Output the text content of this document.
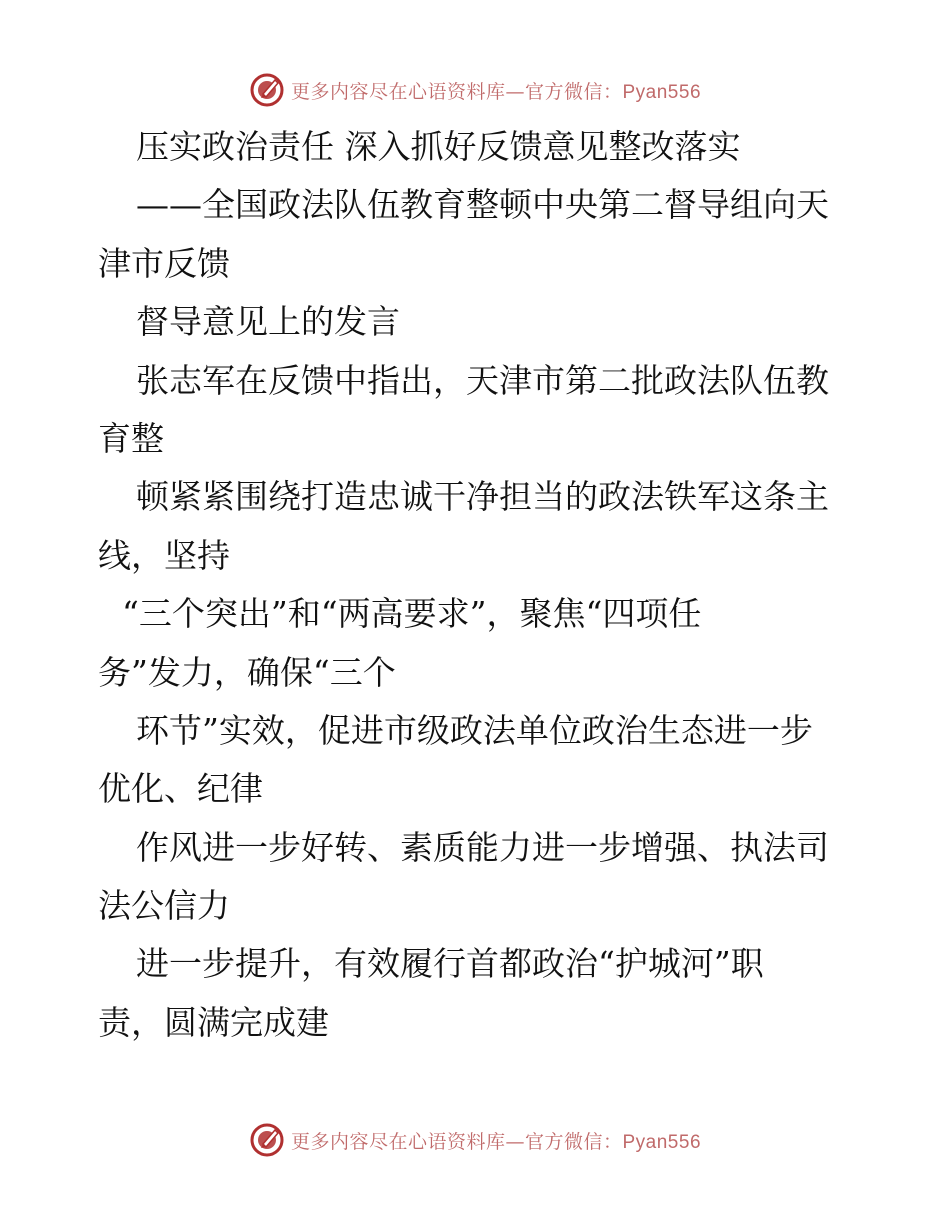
更多内容尽在心语资料库—官方微信：Pyan556
压实政治责任 深入抓好反馈意见整改落实
——全国政法队伍教育整顿中央第二督导组向天
津市反馈
督导意见上的发言
张志军在反馈中指出，天津市第二批政法队伍教
育整
顿紧紧围绕打造忠诚干净担当的政法铁军这条主
线，坚持
“三个突出”和“两高要求”，聚焦“四项任
务”发力，确保“三个
环节”实效，促进市级政法单位政治生态进一步
优化、纪律
作风进一步好转、素质能力进一步增强、执法司
法公信力
进一步提升，有效履行首都政治“护城河”职
责，圆满完成建
更多内容尽在心语资料库—官方微信：Pyan556
